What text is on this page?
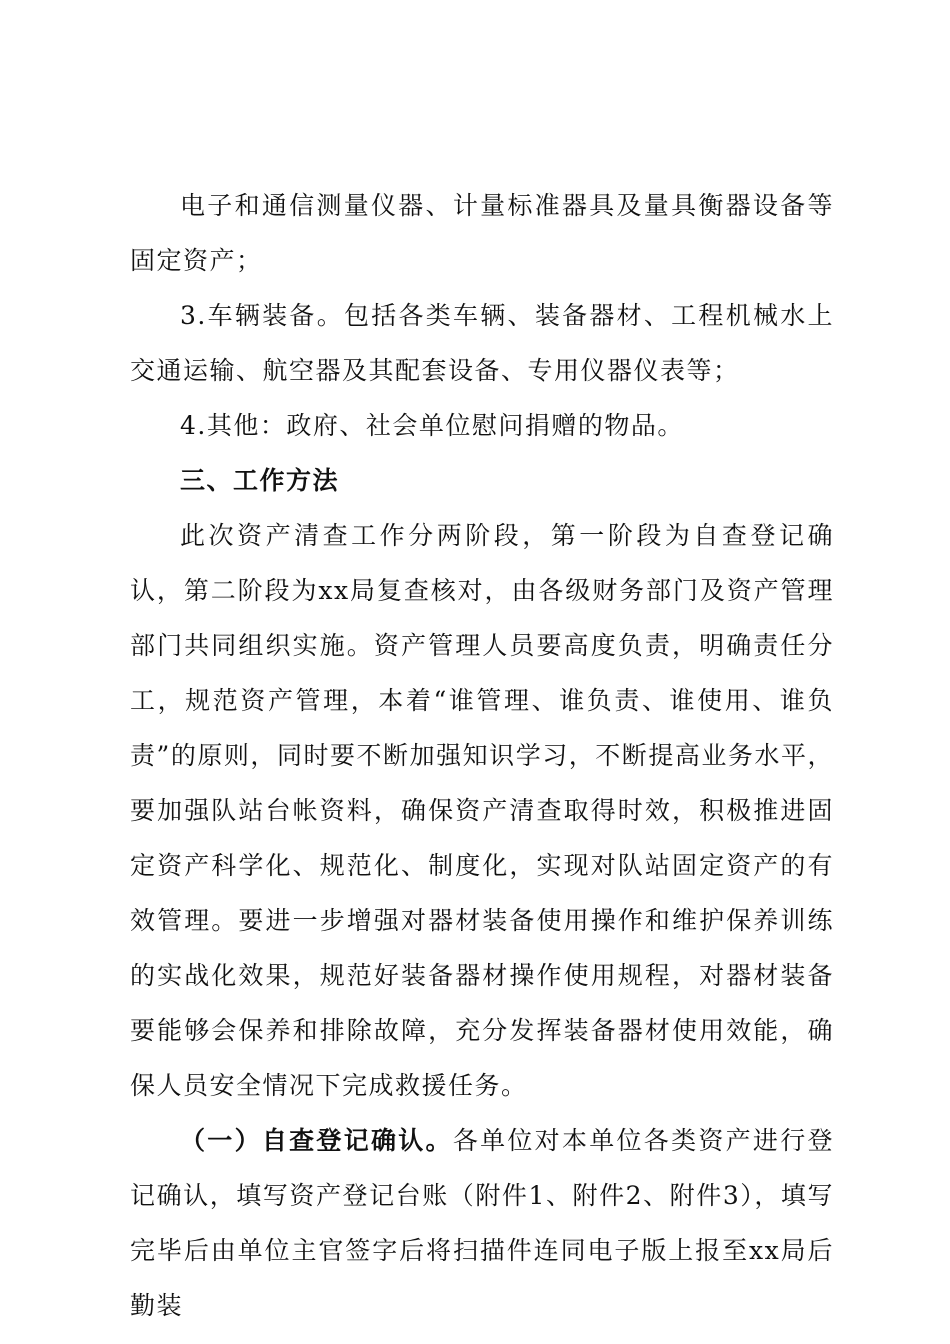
电子和通信测量仪器、计量标准器具及量具衡器设备等固定资产；

3.车辆装备。包括各类车辆、装备器材、工程机械水上交通运输、航空器及其配套设备、专用仪器仪表等；

4.其他：政府、社会单位慰问捐赠的物品。

三、工作方法

此次资产清查工作分两阶段，第一阶段为自查登记确认，第二阶段为xx局复查核对，由各级财务部门及资产管理部门共同组织实施。资产管理人员要高度负责，明确责任分工，规范资产管理，本着“谁管理、谁负责、谁使用、谁负责”的原则，同时要不断加强知识学习，不断提高业务水平，要加强队站台帐资料，确保资产清查取得时效，积极推进固定资产科学化、规范化、制度化，实现对队站固定资产的有效管理。要进一步增强对器材装备使用操作和维护保养训练的实战化效果，规范好装备器材操作使用规程，对器材装备要能够会保养和排除故障，充分发挥装备器材使用效能，确保人员安全情况下完成救援任务。

（一）自查登记确认。各单位对本单位各类资产进行登记确认，填写资产登记台账（附件1、附件2、附件3），填写完毕后由单位主官签字后将扫描件连同电子版上报至xx局后勤装
